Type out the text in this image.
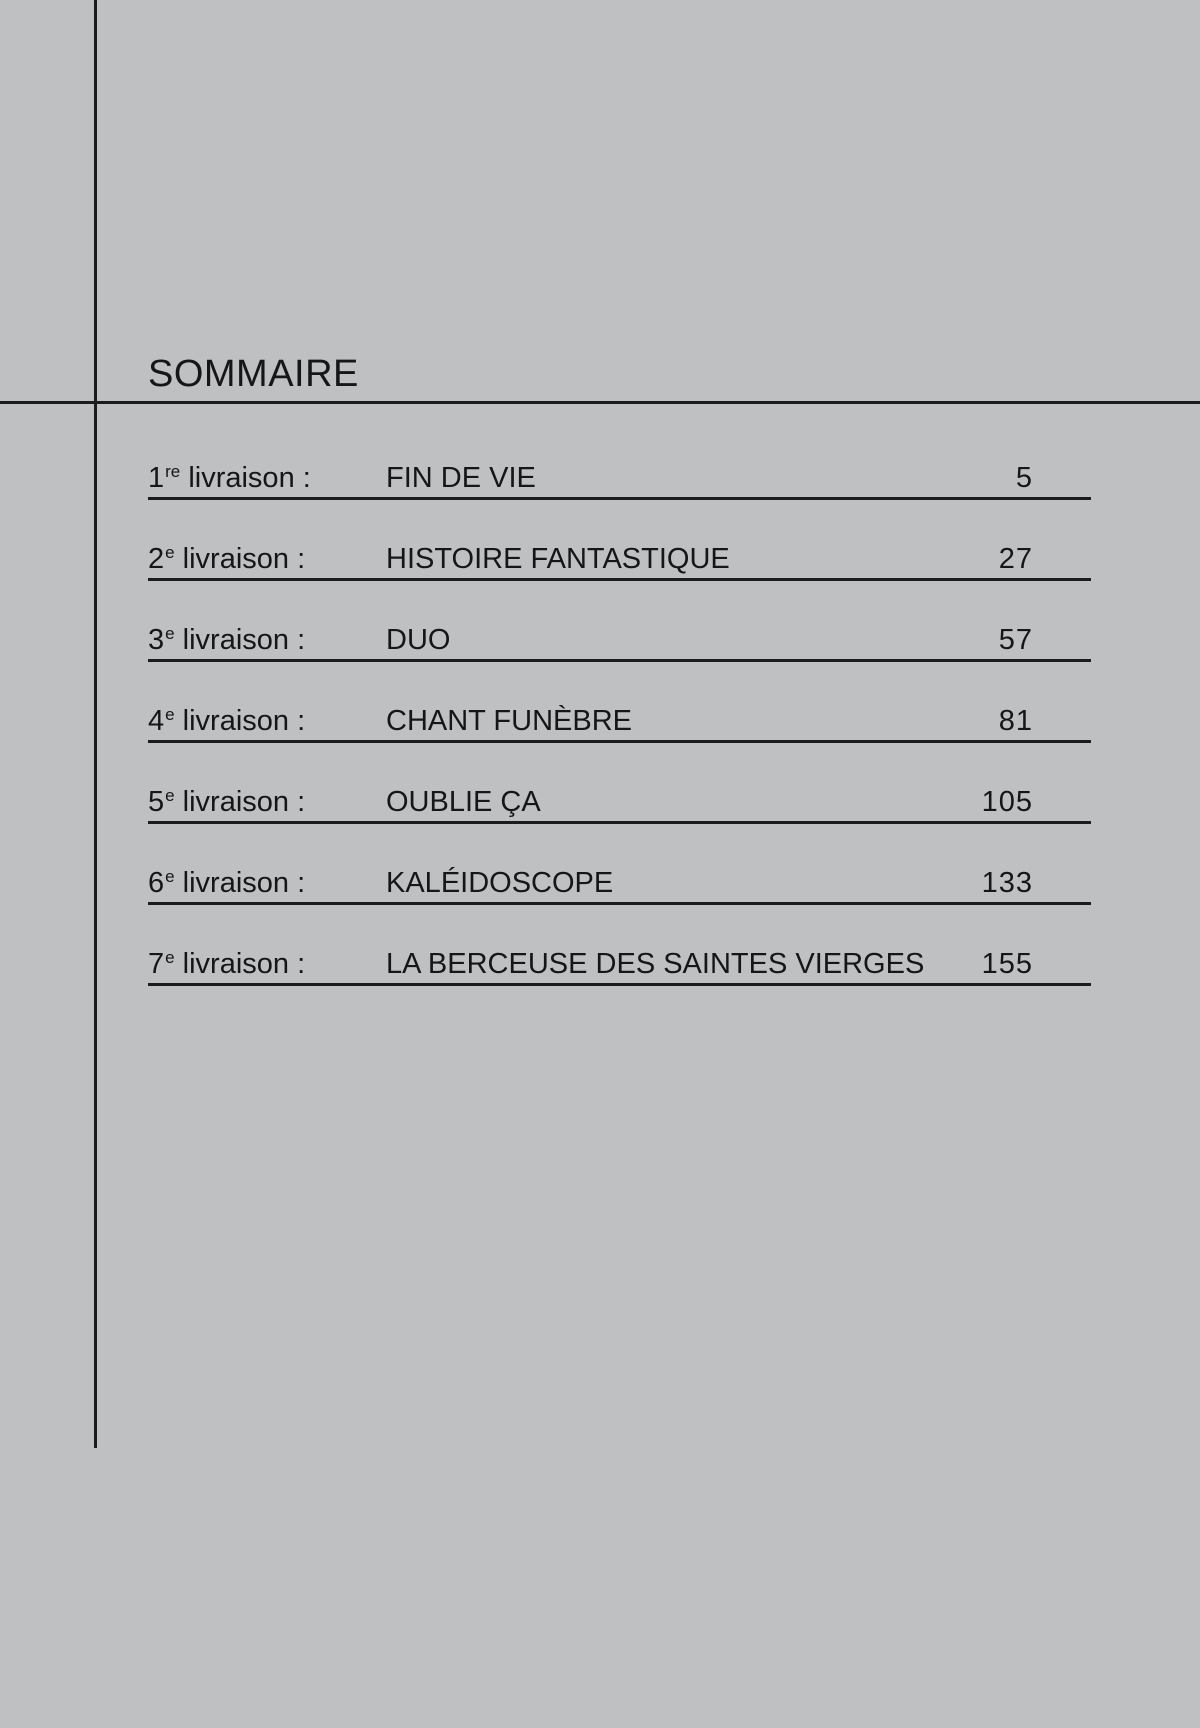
SOMMAIRE
1re livraison :	FIN DE VIE	5
2e livraison :	HISTOIRE FANTASTIQUE	27
3e livraison :	DUO	57
4e livraison :	CHANT FUNÈBRE	81
5e livraison :	OUBLIE ÇA	105
6e livraison :	KALÉIDOSCOPE	133
7e livraison :	LA BERCEUSE DES SAINTES VIERGES 155
